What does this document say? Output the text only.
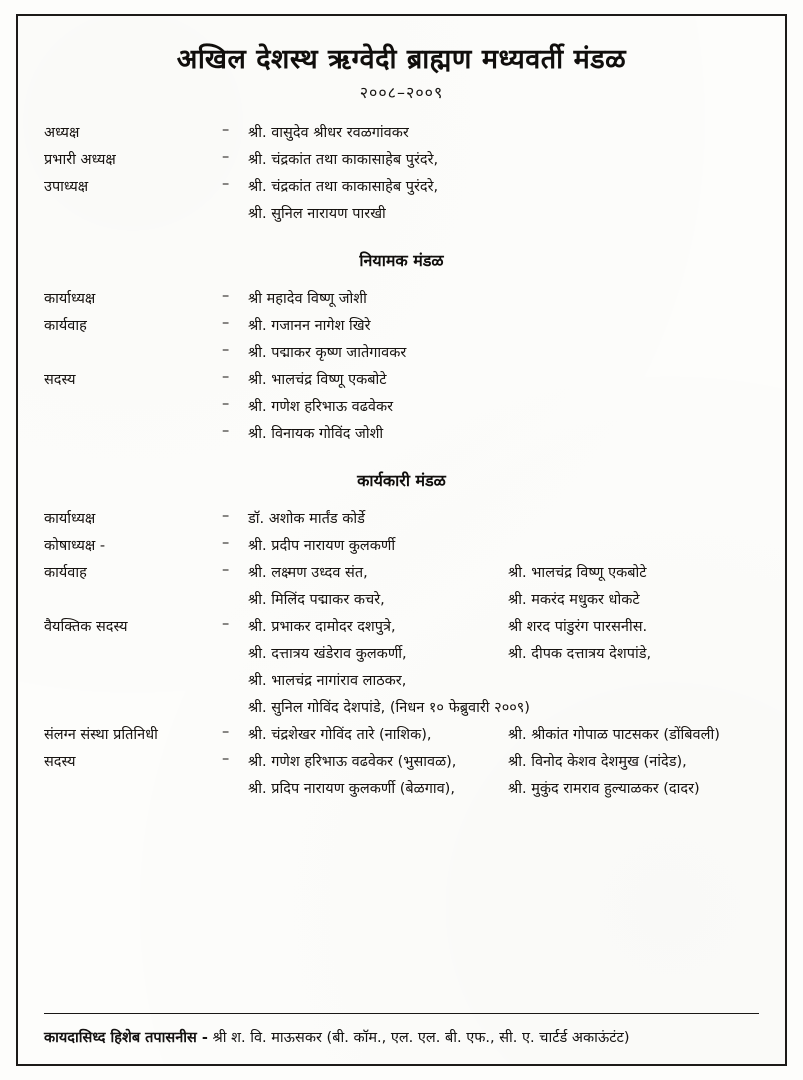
अखिल देशस्थ ऋग्वेदी ब्राह्मण मध्यवर्ती मंडळ
२००८–२००९
अध्यक्ष	–	श्री. वासुदेव श्रीधर रवळगांवकर	
प्रभारी अध्यक्ष	–	श्री. चंद्रकांत तथा काकासाहेब पुरंदरे,	
उपाध्यक्ष	–	श्री. चंद्रकांत तथा काकासाहेब पुरंदरे,	
		श्री. सुनिल नारायण पारखी	
नियामक मंडळ
कार्याध्यक्ष	–	श्री महादेव विष्णू जोशी	
कार्यवाह	–	श्री. गजानन नागेश खिरे	
	–	श्री. पद्माकर कृष्ण जातेगावकर	
सदस्य	–	श्री. भालचंद्र विष्णू एकबोटे	
	–	श्री. गणेश हरिभाऊ वढवेकर	
	–	श्री. विनायक गोविंद जोशी	
कार्यकारी मंडळ
कार्याध्यक्ष	–	डॉ. अशोक मार्तंड कोर्डे	
कोषाध्यक्ष -	–	श्री. प्रदीप नारायण कुलकर्णी	
कार्यवाह	–	श्री. लक्ष्मण उध्दव संत,	श्री. भालचंद्र विष्णू एकबोटे
		श्री. मिलिंद पद्माकर कचरे,	श्री. मकरंद मधुकर धोकटे
वैयक्तिक सदस्य	–	श्री. प्रभाकर दामोदर दशपुत्रे,	श्री शरद पांडुरंग पारसनीस.
		श्री. दत्तात्रय खंडेराव कुलकर्णी,	श्री. दीपक दत्तात्रय देशपांडे,
		श्री. भालचंद्र नागांराव लाठकर,	
		श्री. सुनिल गोविंद देशपांडे, (निधन १० फेब्रुवारी २००९)	
संलग्न संस्था प्रतिनिधी	–	श्री. चंद्रशेखर गोविंद तारे (नाशिक),	श्री. श्रीकांत गोपाळ पाटसकर (डोंबिवली)
सदस्य	–	श्री. गणेश हरिभाऊ वढवेकर (भुसावळ),	श्री. विनोद केशव देशमुख (नांदेड),
		श्री. प्रदिप नारायण कुलकर्णी (बेळगाव),	श्री. मुकुंद रामराव हुल्याळकर (दादर)
कायदासिध्द हिशेब तपासनीस - श्री श. वि. माऊसकर (बी. कॉम., एल. एल. बी. एफ., सी. ए. चार्टर्ड अकाऊंटंट)
